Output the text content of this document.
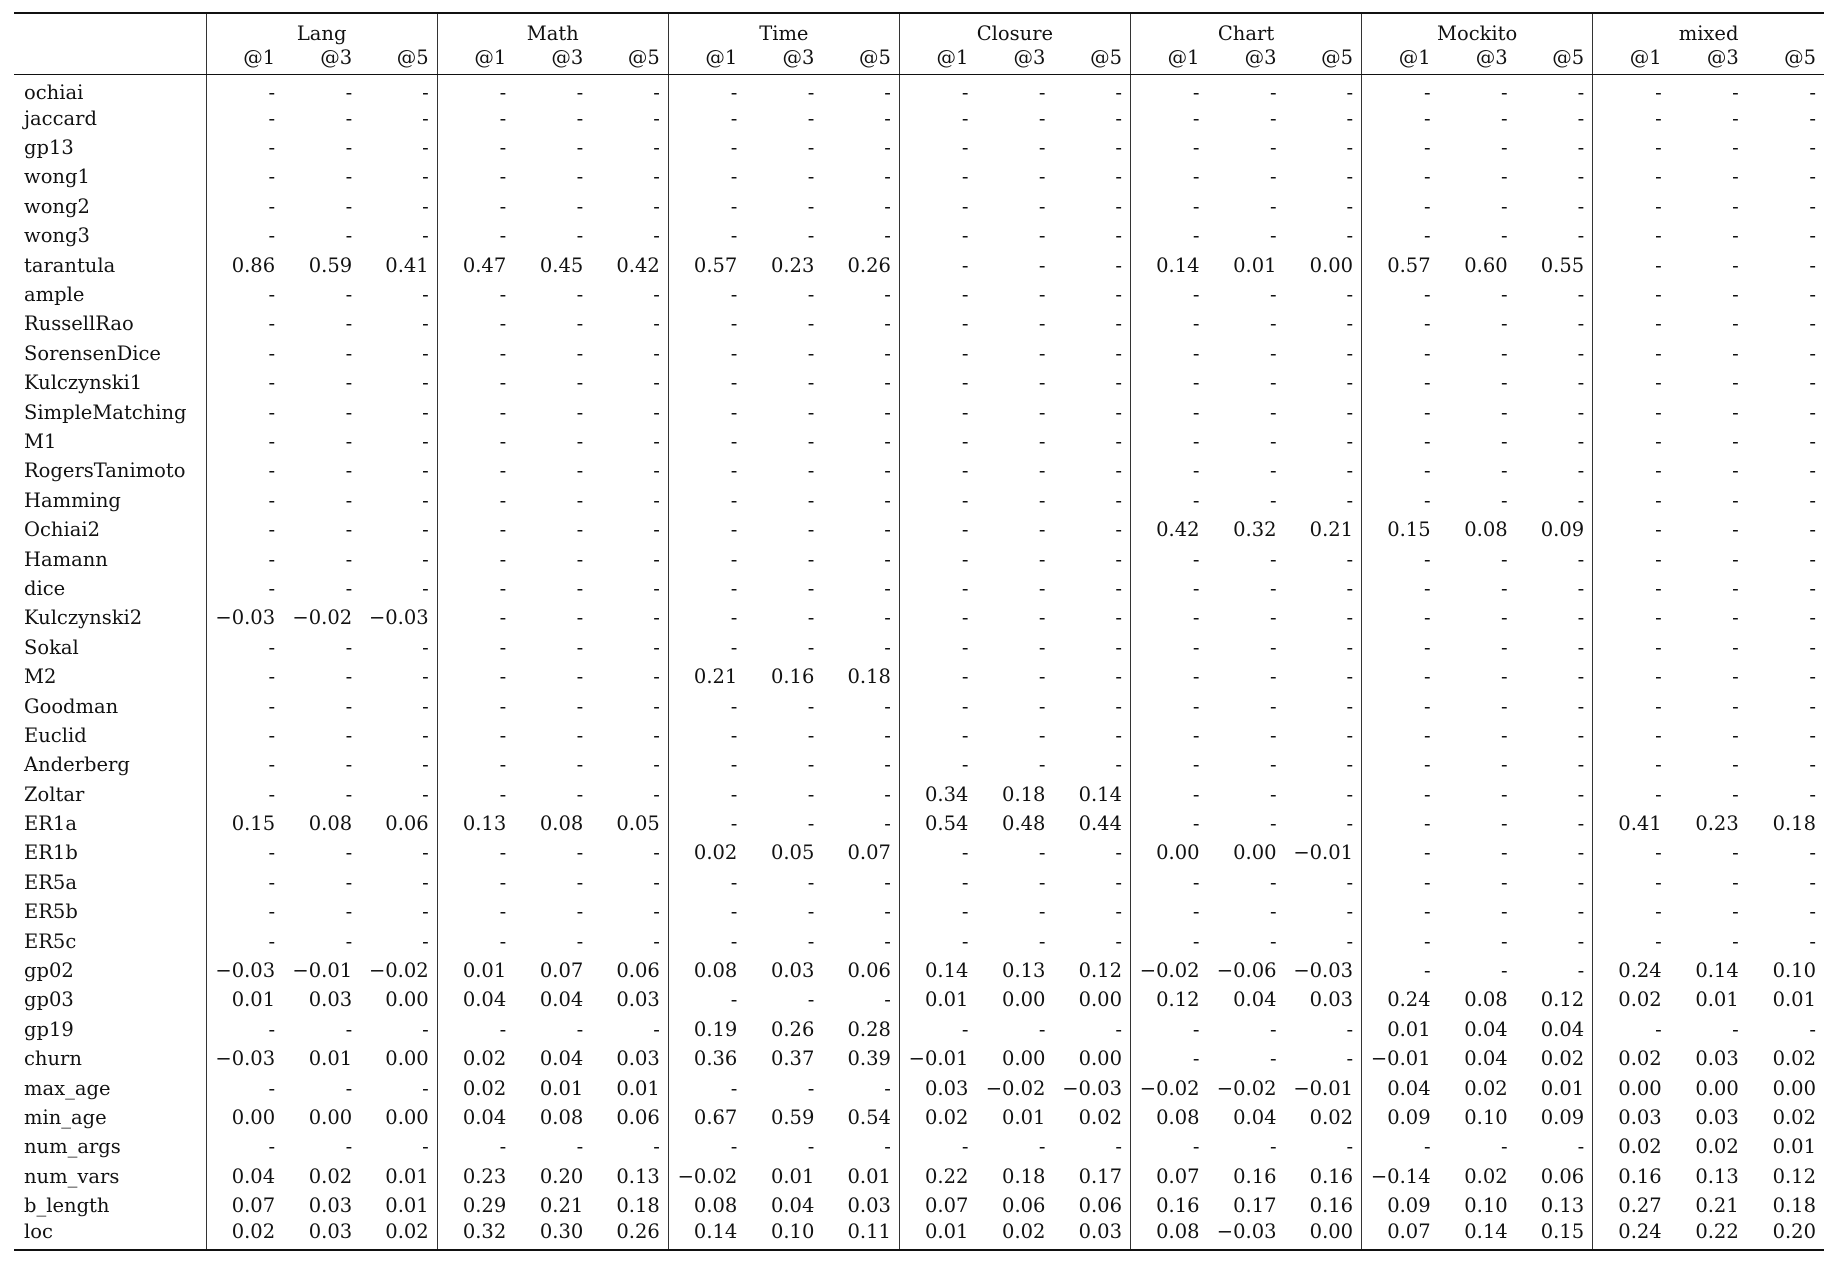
	Lang			Math			Time			Closure			Chart			Mockito			mixed		
	@1	@3	@5	@1	@3	@5	@1	@3	@5	@1	@3	@5	@1	@3	@5	@1	@3	@5	@1	@3	@5
ochiai	-	-	-	-	-	-	-	-	-	-	-	-	-	-	-	-	-	-	-	-	-
jaccard	-	-	-	-	-	-	-	-	-	-	-	-	-	-	-	-	-	-	-	-	-
gp13	-	-	-	-	-	-	-	-	-	-	-	-	-	-	-	-	-	-	-	-	-
wong1	-	-	-	-	-	-	-	-	-	-	-	-	-	-	-	-	-	-	-	-	-
wong2	-	-	-	-	-	-	-	-	-	-	-	-	-	-	-	-	-	-	-	-	-
wong3	-	-	-	-	-	-	-	-	-	-	-	-	-	-	-	-	-	-	-	-	-
tarantula	0.86	0.59	0.41	0.47	0.45	0.42	0.57	0.23	0.26	-	-	-	0.14	0.01	0.00	0.57	0.60	0.55	-	-	-
ample	-	-	-	-	-	-	-	-	-	-	-	-	-	-	-	-	-	-	-	-	-
RussellRao	-	-	-	-	-	-	-	-	-	-	-	-	-	-	-	-	-	-	-	-	-
SorensenDice	-	-	-	-	-	-	-	-	-	-	-	-	-	-	-	-	-	-	-	-	-
Kulczynski1	-	-	-	-	-	-	-	-	-	-	-	-	-	-	-	-	-	-	-	-	-
SimpleMatching	-	-	-	-	-	-	-	-	-	-	-	-	-	-	-	-	-	-	-	-	-
M1	-	-	-	-	-	-	-	-	-	-	-	-	-	-	-	-	-	-	-	-	-
RogersTanimoto	-	-	-	-	-	-	-	-	-	-	-	-	-	-	-	-	-	-	-	-	-
Hamming	-	-	-	-	-	-	-	-	-	-	-	-	-	-	-	-	-	-	-	-	-
Ochiai2	-	-	-	-	-	-	-	-	-	-	-	-	0.42	0.32	0.21	0.15	0.08	0.09	-	-	-
Hamann	-	-	-	-	-	-	-	-	-	-	-	-	-	-	-	-	-	-	-	-	-
dice	-	-	-	-	-	-	-	-	-	-	-	-	-	-	-	-	-	-	-	-	-
Kulczynski2	−0.03	−0.02	−0.03	-	-	-	-	-	-	-	-	-	-	-	-	-	-	-	-	-	-
Sokal	-	-	-	-	-	-	-	-	-	-	-	-	-	-	-	-	-	-	-	-	-
M2	-	-	-	-	-	-	0.21	0.16	0.18	-	-	-	-	-	-	-	-	-	-	-	-
Goodman	-	-	-	-	-	-	-	-	-	-	-	-	-	-	-	-	-	-	-	-	-
Euclid	-	-	-	-	-	-	-	-	-	-	-	-	-	-	-	-	-	-	-	-	-
Anderberg	-	-	-	-	-	-	-	-	-	-	-	-	-	-	-	-	-	-	-	-	-
Zoltar	-	-	-	-	-	-	-	-	-	0.34	0.18	0.14	-	-	-	-	-	-	-	-	-
ER1a	0.15	0.08	0.06	0.13	0.08	0.05	-	-	-	0.54	0.48	0.44	-	-	-	-	-	-	0.41	0.23	0.18
ER1b	-	-	-	-	-	-	0.02	0.05	0.07	-	-	-	0.00	0.00	−0.01	-	-	-	-	-	-
ER5a	-	-	-	-	-	-	-	-	-	-	-	-	-	-	-	-	-	-	-	-	-
ER5b	-	-	-	-	-	-	-	-	-	-	-	-	-	-	-	-	-	-	-	-	-
ER5c	-	-	-	-	-	-	-	-	-	-	-	-	-	-	-	-	-	-	-	-	-
gp02	−0.03	−0.01	−0.02	0.01	0.07	0.06	0.08	0.03	0.06	0.14	0.13	0.12	−0.02	−0.06	−0.03	-	-	-	0.24	0.14	0.10
gp03	0.01	0.03	0.00	0.04	0.04	0.03	-	-	-	0.01	0.00	0.00	0.12	0.04	0.03	0.24	0.08	0.12	0.02	0.01	0.01
gp19	-	-	-	-	-	-	0.19	0.26	0.28	-	-	-	-	-	-	0.01	0.04	0.04	-	-	-
churn	−0.03	0.01	0.00	0.02	0.04	0.03	0.36	0.37	0.39	−0.01	0.00	0.00	-	-	-	−0.01	0.04	0.02	0.02	0.03	0.02
max_age	-	-	-	0.02	0.01	0.01	-	-	-	0.03	−0.02	−0.03	−0.02	−0.02	−0.01	0.04	0.02	0.01	0.00	0.00	0.00
min_age	0.00	0.00	0.00	0.04	0.08	0.06	0.67	0.59	0.54	0.02	0.01	0.02	0.08	0.04	0.02	0.09	0.10	0.09	0.03	0.03	0.02
num_args	-	-	-	-	-	-	-	-	-	-	-	-	-	-	-	-	-	-	0.02	0.02	0.01
num_vars	0.04	0.02	0.01	0.23	0.20	0.13	−0.02	0.01	0.01	0.22	0.18	0.17	0.07	0.16	0.16	−0.14	0.02	0.06	0.16	0.13	0.12
b_length	0.07	0.03	0.01	0.29	0.21	0.18	0.08	0.04	0.03	0.07	0.06	0.06	0.16	0.17	0.16	0.09	0.10	0.13	0.27	0.21	0.18
loc	0.02	0.03	0.02	0.32	0.30	0.26	0.14	0.10	0.11	0.01	0.02	0.03	0.08	−0.03	0.00	0.07	0.14	0.15	0.24	0.22	0.20
